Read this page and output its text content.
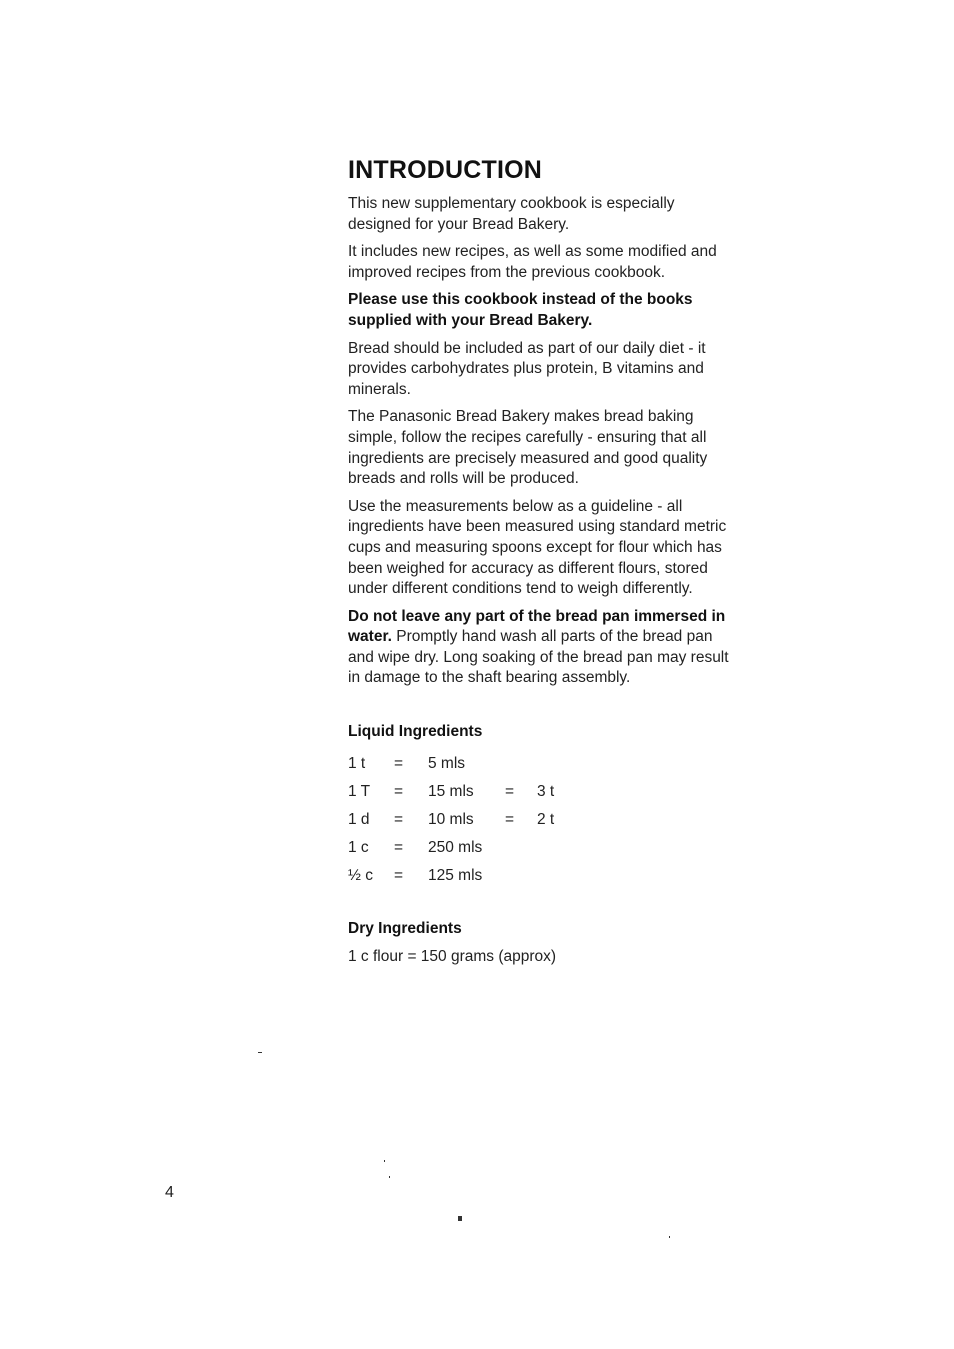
INTRODUCTION

This new supplementary cookbook is especially designed for your Bread Bakery.

It includes new recipes, as well as some modified and improved recipes from the previous cookbook.

Please use this cookbook instead of the books supplied with your Bread Bakery.

Bread should be included as part of our daily diet - it provides carbohydrates plus protein, B vitamins and minerals.

The Panasonic Bread Bakery makes bread baking simple, follow the recipes carefully - ensuring that all ingredients are precisely measured and good quality breads and rolls will be produced.

Use the measurements below as a guideline - all ingredients have been measured using standard metric cups and measuring spoons except for flour which has been weighed for accuracy as different flours, stored under different conditions tend to weigh differently.

Do not leave any part of the bread pan immersed in water. Promptly hand wash all parts of the bread pan and wipe dry. Long soaking of the bread pan may result in damage to the shaft bearing assembly.

Liquid Ingredients
1 t	=	5 mls		
1 T	=	15 mls	=	3 t
1 d	=	10 mls	=	2 t
1 c	=	250 mls		
½ c	=	125 mls		
Dry Ingredients
1 c flour = 150 grams (approx)
4
